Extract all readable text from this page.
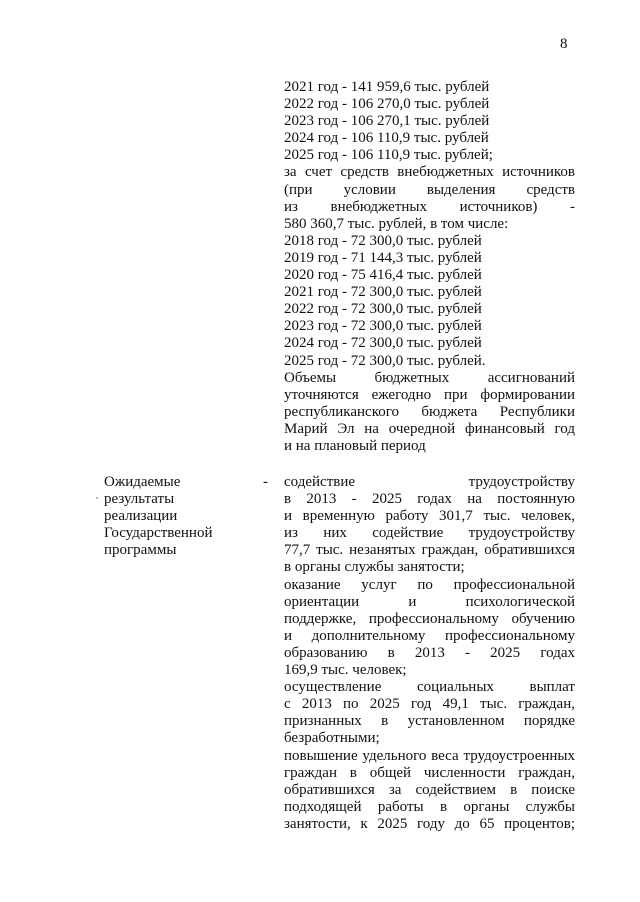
8
2021 год - 141 959,6 тыс. рублей
2022 год - 106 270,0 тыс. рублей
2023 год - 106 270,1 тыс. рублей
2024 год - 106 110,9 тыс. рублей
2025 год - 106 110,9 тыс. рублей;
за счет средств внебюджетных источников
(при условии выделения средств
из внебюджетных источников) -
580 360,7 тыс. рублей, в том числе:
2018 год - 72 300,0 тыс. рублей
2019 год - 71 144,3 тыс. рублей
2020 год - 75 416,4 тыс. рублей
2021 год - 72 300,0 тыс. рублей
2022 год - 72 300,0 тыс. рублей
2023 год - 72 300,0 тыс. рублей
2024 год - 72 300,0 тыс. рублей
2025 год - 72 300,0 тыс. рублей.
Объемы бюджетных ассигнований
уточняются ежегодно при формировании
республиканского бюджета Республики
Марий Эл на очередной финансовый год
и на плановый период
Ожидаемые
результаты
реализации
Государственной
программы
- содействие трудоустройству
в 2013 - 2025 годах на постоянную
и временную работу 301,7 тыс. человек,
из них содействие трудоустройству
77,7 тыс. незанятых граждан, обратившихся
в органы службы занятости;
оказание услуг по профессиональной
ориентации и психологической
поддержке, профессиональному обучению
и дополнительному профессиональному
образованию в 2013 - 2025 годах
169,9 тыс. человек;
осуществление социальных выплат
с 2013 по 2025 год 49,1 тыс. граждан,
признанных в установленном порядке
безработными;
повышение удельного веса трудоустроенных
граждан в общей численности граждан,
обратившихся за содействием в поиске
подходящей работы в органы службы
занятости, к 2025 году до 65 процентов;
